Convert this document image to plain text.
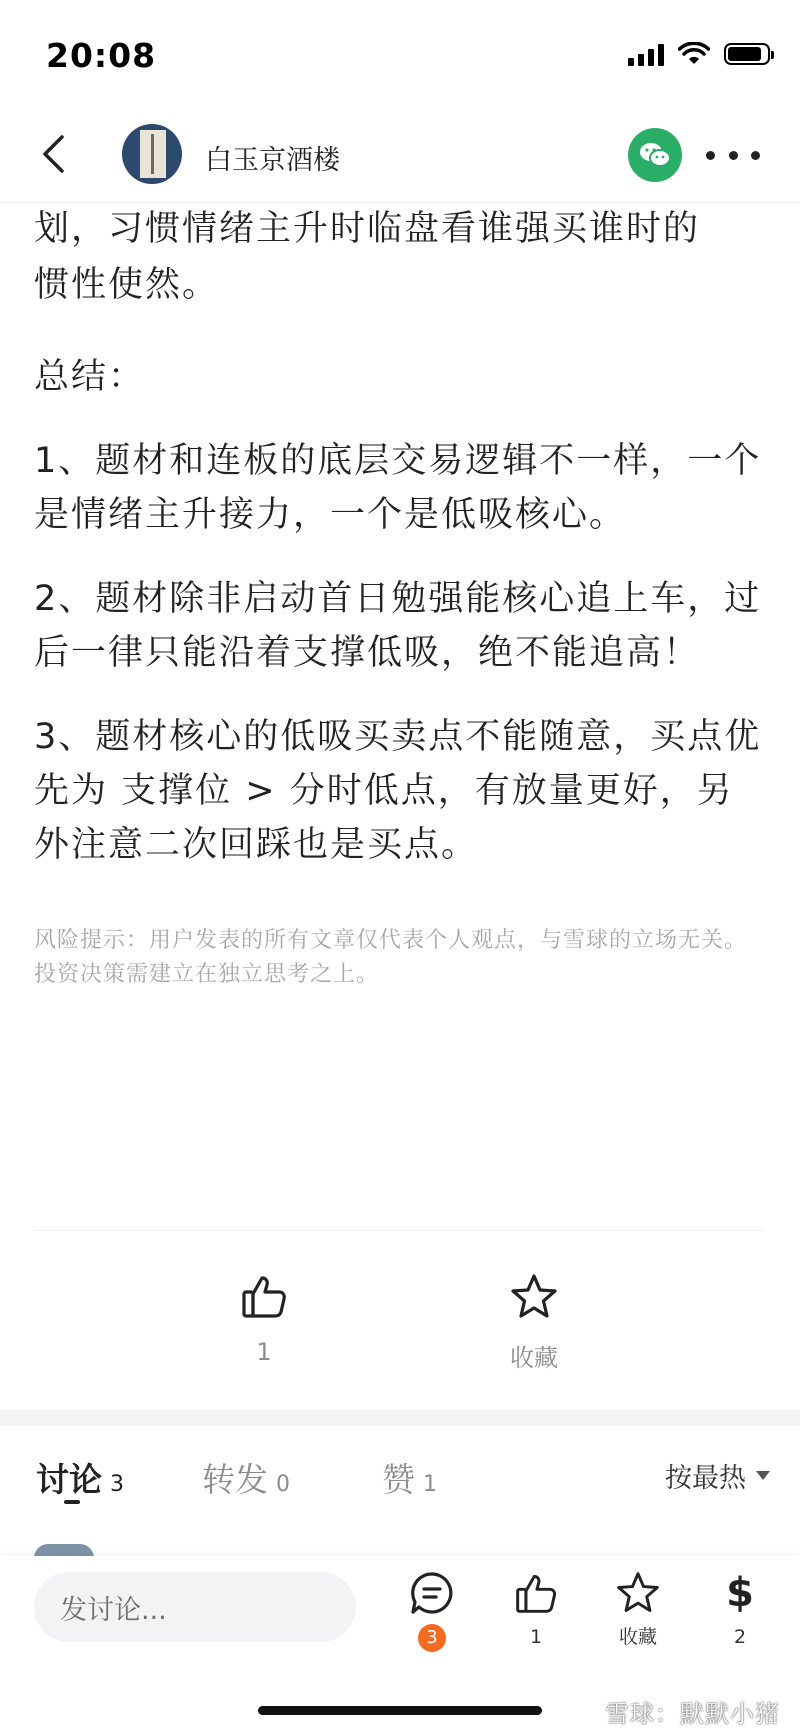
20:08
白玉京酒楼

划，习惯情绪主升时临盘看谁强买谁时的

惯性使然。

总结：

1、题材和连板的底层交易逻辑不一样，一个是情绪主升接力，一个是低吸核心。

2、题材除非启动首日勉强能核心追上车，过后一律只能沿着支撑低吸，绝不能追高！

3、题材核心的低吸买卖点不能随意，买点优先为 支撑位 > 分时低点，有放量更好，另外注意二次回踩也是买点。

风险提示：用户发表的所有文章仅代表个人观点，与雪球的立场无关。投资决策需建立在独立思考之上。
1	收藏
讨论 3 转发 0	赞 1	按最热
发讨论...
3	1	收藏
$
2
雪球：默默小猪
